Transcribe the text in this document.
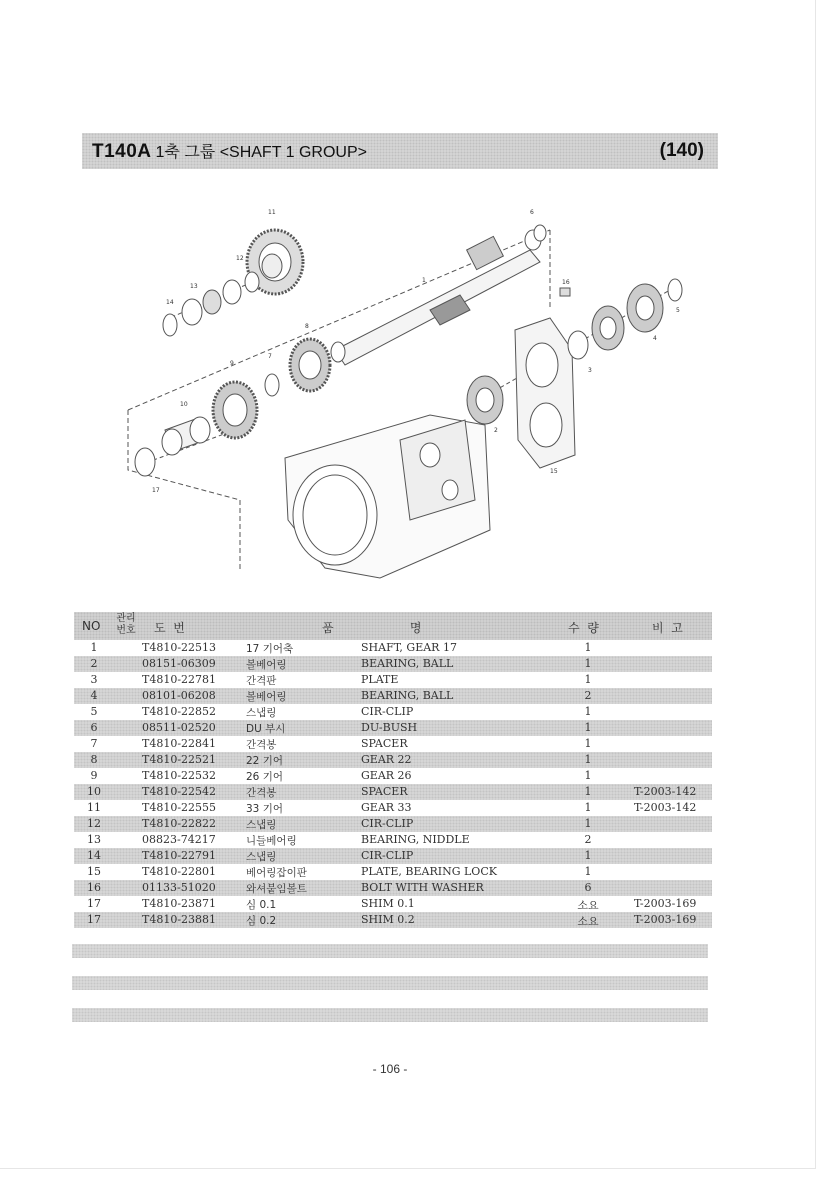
T140A 1축 그룹 <SHAFT 1 GROUP>	(140)
1
2
3
4
5
6
7
8
9
10
11
12
13
14
15
16
17
NO
관리번호 도  번	품                    명	수  량	비  고
1	T4810-22513	17 기어축	SHAFT, GEAR 17	1
2	08151-06309	볼베어링	BEARING, BALL	1
3	T4810-22781	간격판	PLATE	1
4	08101-06208	볼베어링	BEARING, BALL	2
5	T4810-22852	스냅링	CIR-CLIP	1
6	08511-02520	DU 부시	DU-BUSH	1
7	T4810-22841	간격봉	SPACER	1
8	T4810-22521	22 기어	GEAR 22	1
9	T4810-22532	26 기어	GEAR 26	1
10	T4810-22542	간격봉	SPACER	1	T-2003-142
11	T4810-22555	33 기어	GEAR 33	1	T-2003-142
12	T4810-22822	스냅링	CIR-CLIP	1
13	08823-74217	니들베어링	BEARING, NIDDLE	2
14	T4810-22791	스냅링	CIR-CLIP	1
15	T4810-22801	베어링잡이판	PLATE, BEARING LOCK	1
16	01133-51020	와셔붙임볼트	BOLT WITH WASHER	6
17	T4810-23871	심 0.1	SHIM 0.1	소요	T-2003-169
17	T4810-23881	심 0.2	SHIM 0.2	소요	T-2003-169
- 106 -
